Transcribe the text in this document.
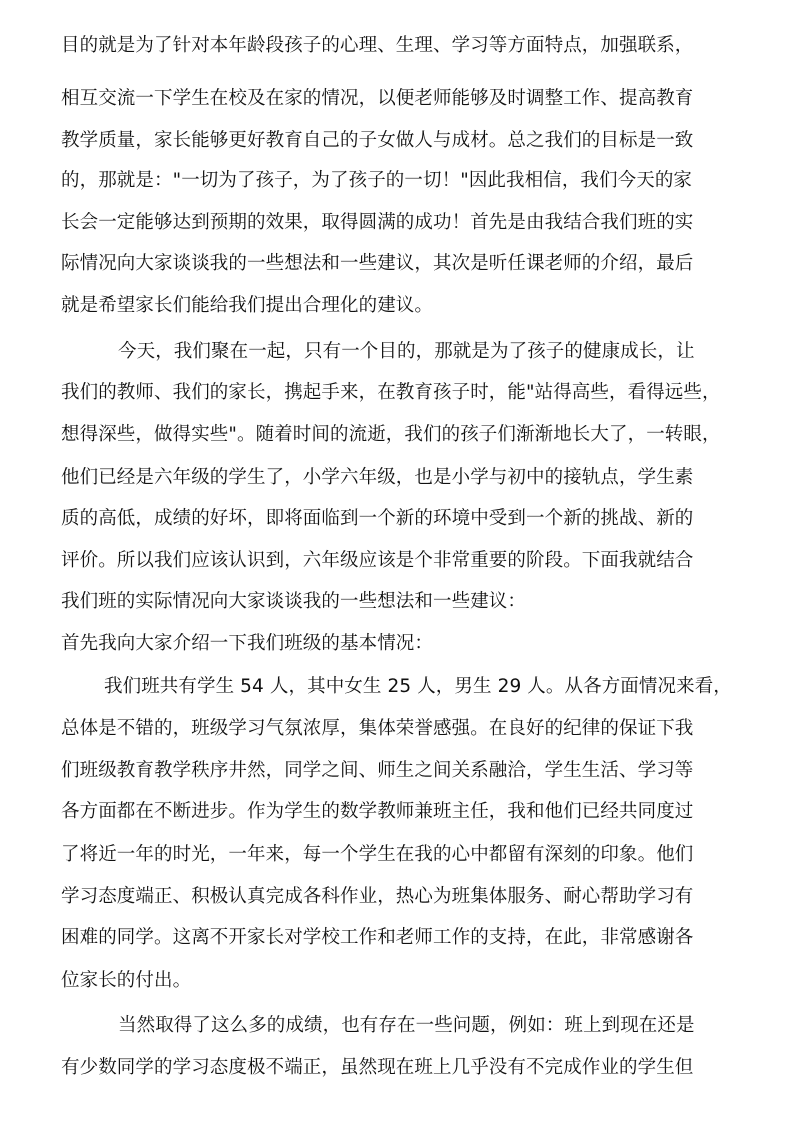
目的就是为了针对本年龄段孩子的心理、生理、学习等方面特点，加强联系，
相互交流一下学生在校及在家的情况，以便老师能够及时调整工作、提高教育
教学质量，家长能够更好教育自己的子女做人与成材。总之我们的目标是一致
的，那就是："一切为了孩子，为了孩子的一切！"因此我相信，我们今天的家
长会一定能够达到预期的效果，取得圆满的成功！首先是由我结合我们班的实
际情况向大家谈谈我的一些想法和一些建议，其次是听任课老师的介绍，最后
就是希望家长们能给我们提出合理化的建议。
今天，我们聚在一起，只有一个目的，那就是为了孩子的健康成长，让
我们的教师、我们的家长，携起手来，在教育孩子时，能"站得高些，看得远些，
想得深些，做得实些"。随着时间的流逝，我们的孩子们渐渐地长大了，一转眼，
他们已经是六年级的学生了，小学六年级，也是小学与初中的接轨点，学生素
质的高低，成绩的好坏，即将面临到一个新的环境中受到一个新的挑战、新的
评价。所以我们应该认识到，六年级应该是个非常重要的阶段。下面我就结合
我们班的实际情况向大家谈谈我的一些想法和一些建议：
首先我向大家介绍一下我们班级的基本情况：
我们班共有学生 54 人，其中女生 25 人，男生 29 人。从各方面情况来看，
总体是不错的，班级学习气氛浓厚，集体荣誉感强。在良好的纪律的保证下我
们班级教育教学秩序井然，同学之间、师生之间关系融洽，学生生活、学习等
各方面都在不断进步。作为学生的数学教师兼班主任，我和他们已经共同度过
了将近一年的时光，一年来，每一个学生在我的心中都留有深刻的印象。他们
学习态度端正、积极认真完成各科作业，热心为班集体服务、耐心帮助学习有
困难的同学。这离不开家长对学校工作和老师工作的支持，在此，非常感谢各
位家长的付出。
当然取得了这么多的成绩，也有存在一些问题，例如：班上到现在还是
有少数同学的学习态度极不端正，虽然现在班上几乎没有不完成作业的学生但
